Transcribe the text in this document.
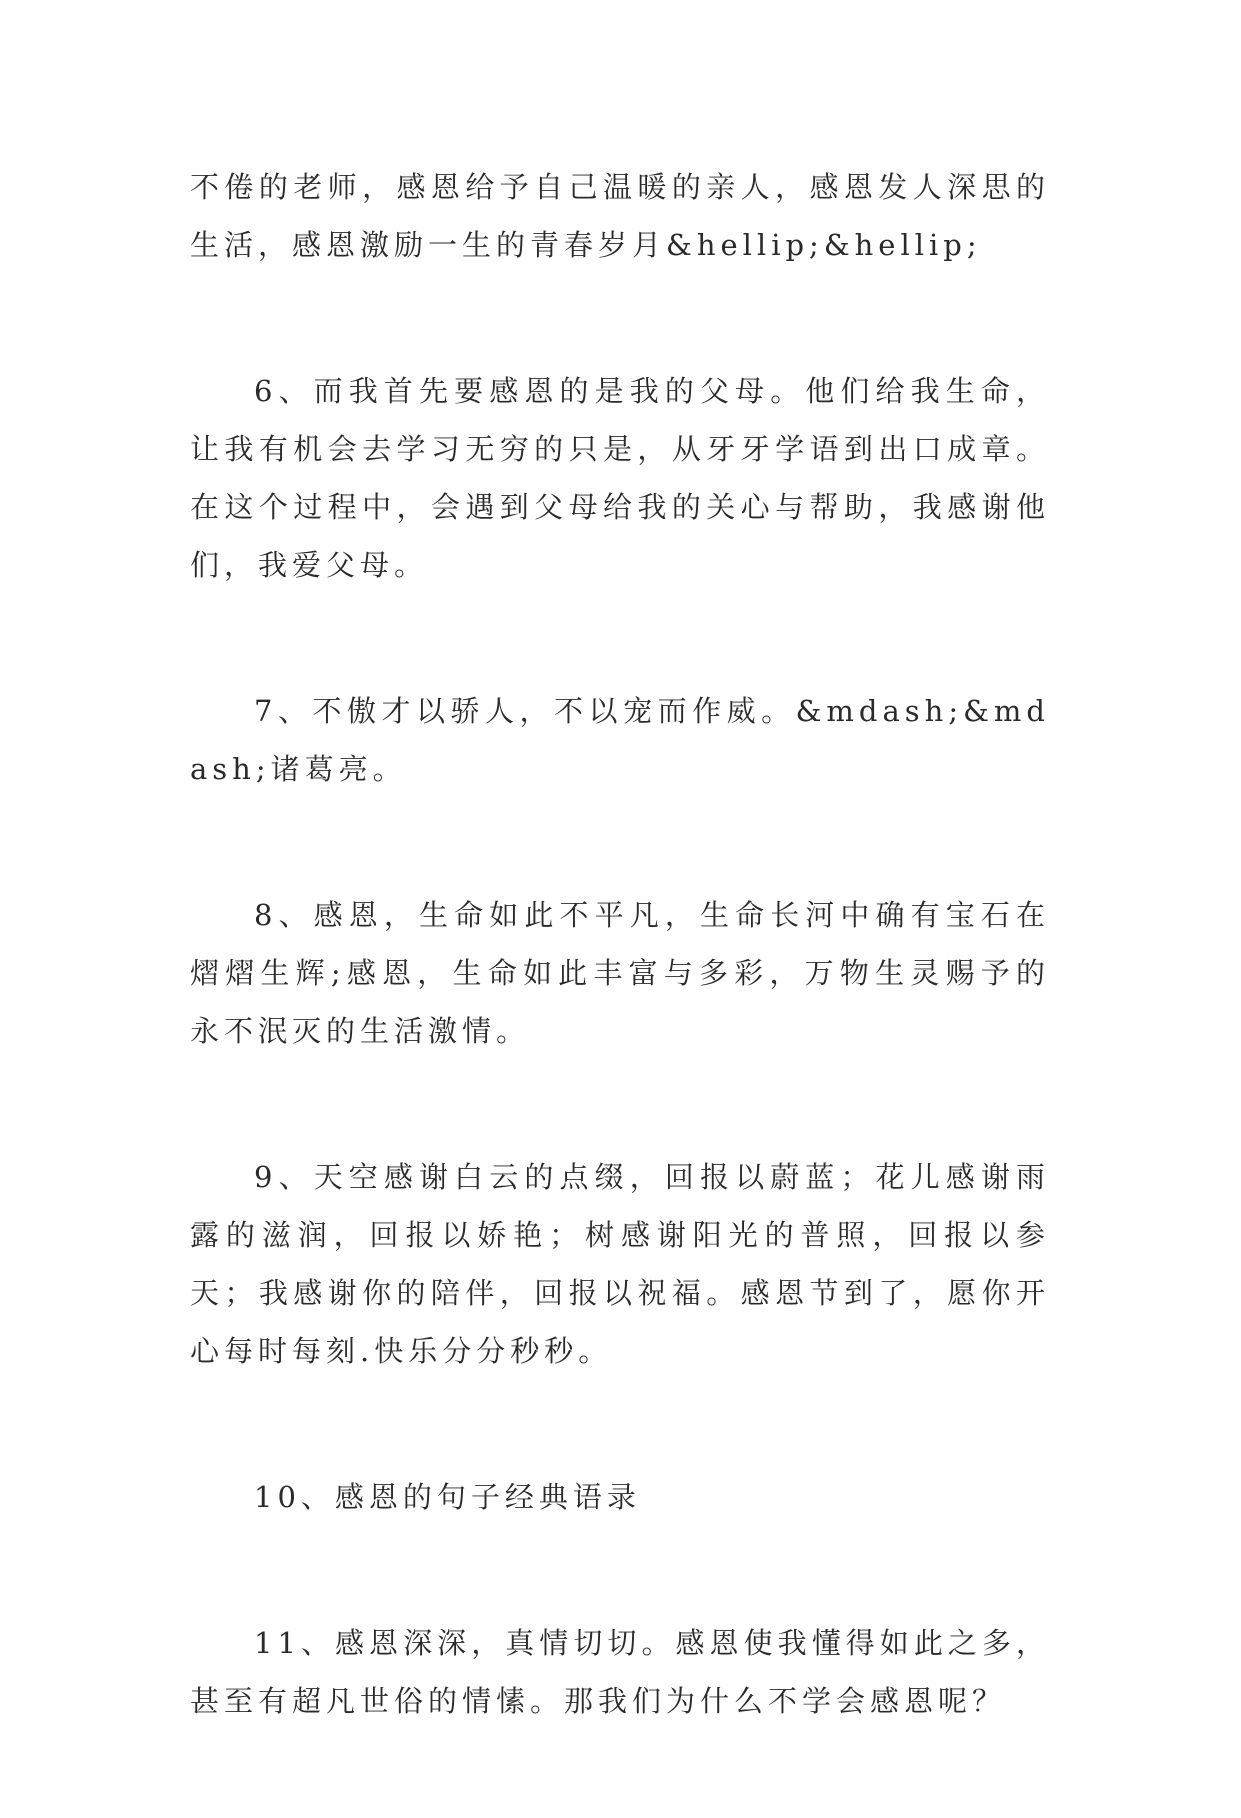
不倦的老师，感恩给予自己温暖的亲人，感恩发人深思的生活，感恩激励一生的青春岁月&hellip;&hellip;

6、而我首先要感恩的是我的父母。他们给我生命，让我有机会去学习无穷的只是，从牙牙学语到出口成章。在这个过程中，会遇到父母给我的关心与帮助，我感谢他们，我爱父母。

7、不傲才以骄人，不以宠而作威。&mdash;&mdash;诸葛亮。

8、感恩，生命如此不平凡，生命长河中确有宝石在熠熠生辉;感恩，生命如此丰富与多彩，万物生灵赐予的永不泯灭的生活激情。

9、天空感谢白云的点缀，回报以蔚蓝；花儿感谢雨露的滋润，回报以娇艳；树感谢阳光的普照，回报以参天；我感谢你的陪伴，回报以祝福。感恩节到了，愿你开心每时每刻.快乐分分秒秒。

10、感恩的句子经典语录

11、感恩深深，真情切切。感恩使我懂得如此之多，甚至有超凡世俗的情愫。那我们为什么不学会感恩呢？
